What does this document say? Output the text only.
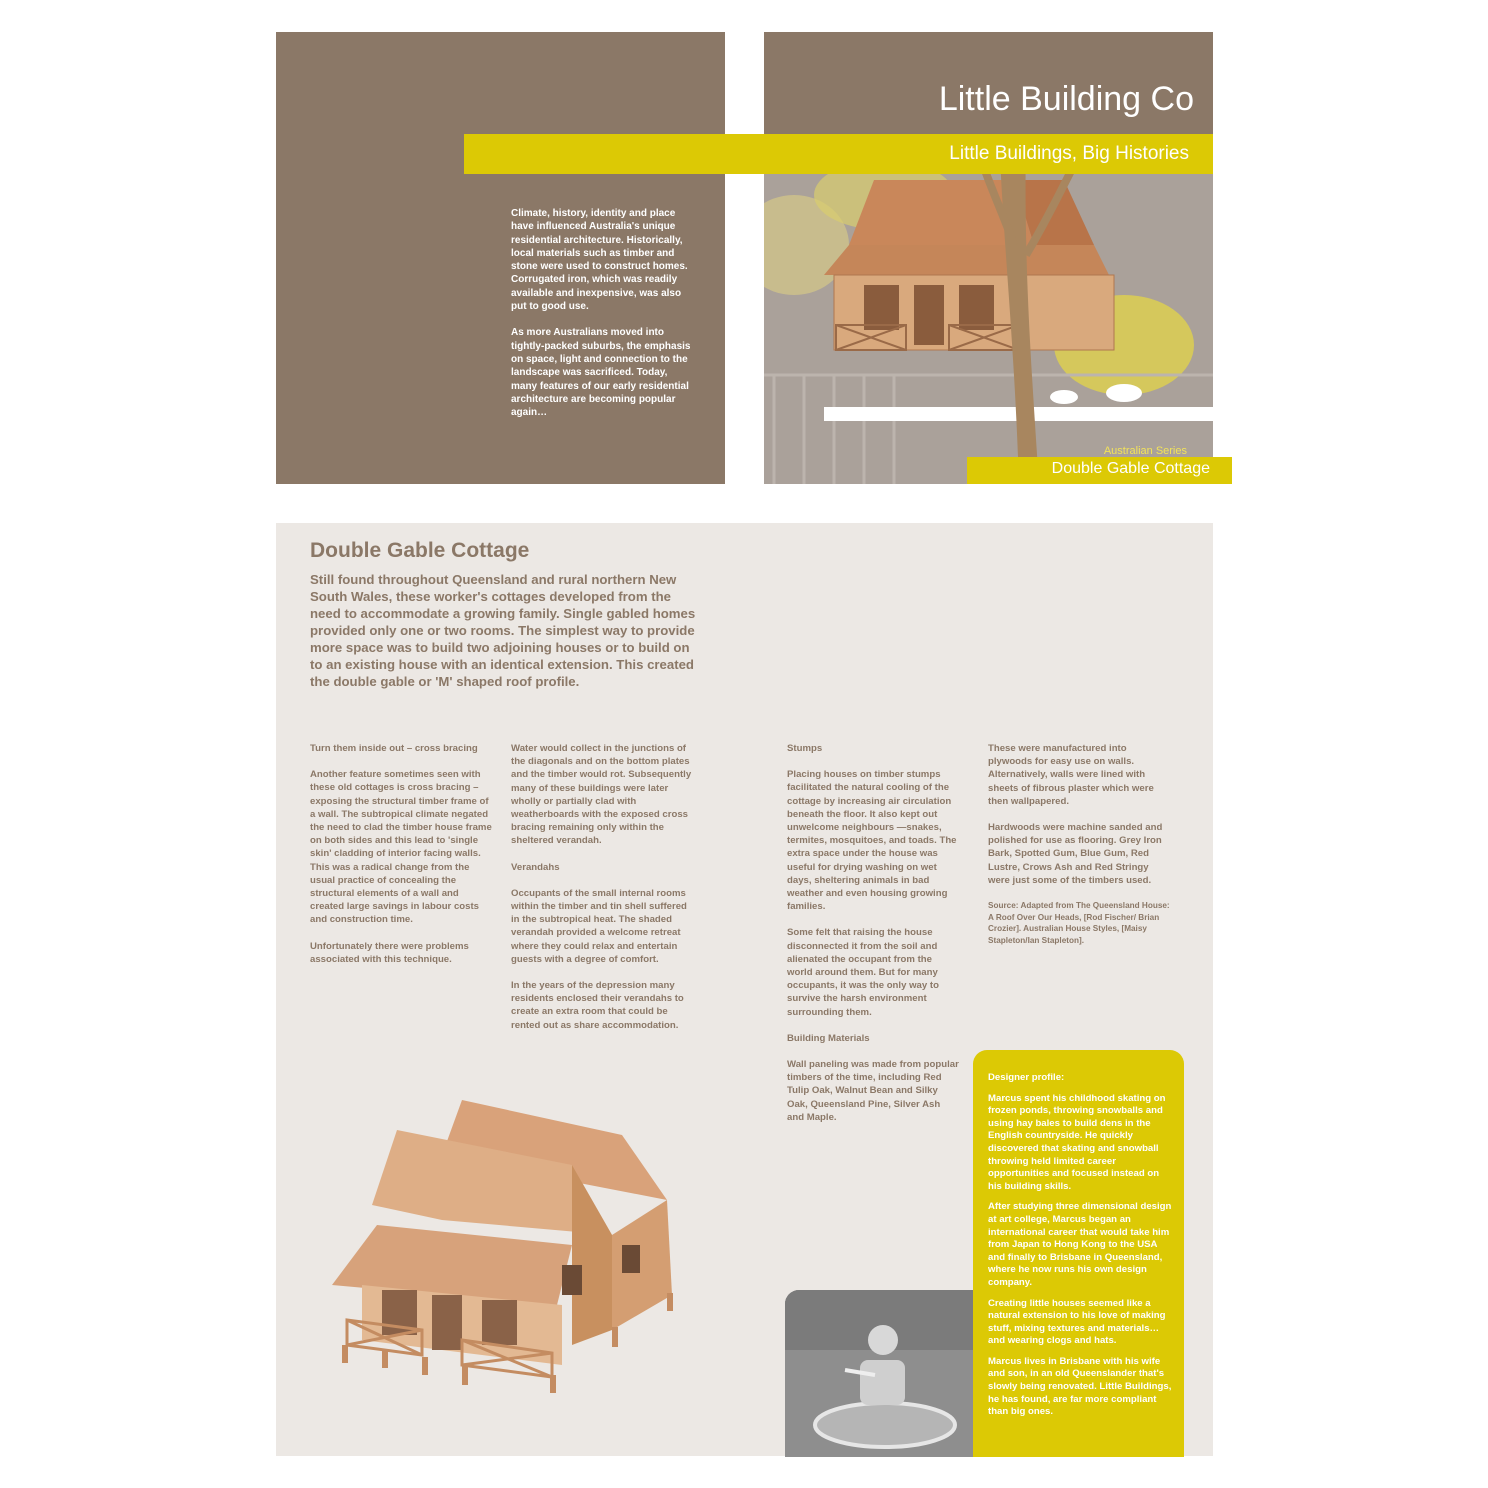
Climate, history, identity and place have influenced Australia's unique residential architecture. Historically, local materials such as timber and stone were used to construct homes. Corrugated iron, which was readily available and inexpensive, was also put to good use.

As more Australians moved into tightly-packed suburbs, the emphasis on space, light and connection to the landscape was sacrificed. Today, many features of our early residential architecture are becoming popular again…

Little Building Co
Little Buildings, Big Histories
Australian Series
Double Gable Cottage
Double Gable Cottage
Still found throughout Queensland and rural northern New South Wales, these worker's cottages developed from the need to accommodate a growing family. Single gabled homes provided only one or two rooms. The simplest way to provide more space was to build two adjoining houses or to build on to an existing house with an identical extension. This created the double gable or 'M' shaped roof profile.
Turn them inside out – cross bracing

Another feature sometimes seen with these old cottages is cross bracing – exposing the structural timber frame of a wall. The subtropical climate negated the need to clad the timber house frame on both sides and this lead to 'single skin' cladding of interior facing walls. This was a radical change from the usual practice of concealing the structural elements of a wall and created large savings in labour costs and construction time.

Unfortunately there were problems associated with this technique.

Water would collect in the junctions of the diagonals and on the bottom plates and the timber would rot. Subsequently many of these buildings were later wholly or partially clad with weatherboards with the exposed cross bracing remaining only within the sheltered verandah.

Verandahs

Occupants of the small internal rooms within the timber and tin shell suffered in the subtropical heat. The shaded verandah provided a welcome retreat where they could relax and entertain guests with a degree of comfort.

In the years of the depression many residents enclosed their verandahs to create an extra room that could be rented out as share accommodation.

Stumps

Placing houses on timber stumps facilitated the natural cooling of the cottage by increasing air circulation beneath the floor. It also kept out unwelcome neighbours —snakes, termites, mosquitoes, and toads. The extra space under the house was useful for drying washing on wet days, sheltering animals in bad weather and even housing growing families.

Some felt that raising the house disconnected it from the soil and alienated the occupant from the world around them. But for many occupants, it was the only way to survive the harsh environment surrounding them.

Building Materials

Wall paneling was made from popular timbers of the time, including Red Tulip Oak, Walnut Bean and Silky Oak, Queensland Pine, Silver Ash and Maple.

These were manufactured into plywoods for easy use on walls. Alternatively, walls were lined with sheets of fibrous plaster which were then wallpapered.

Hardwoods were machine sanded and polished for use as flooring. Grey Iron Bark, Spotted Gum, Blue Gum, Red Lustre, Crows Ash and Red Stringy were just some of the timbers used.

Source: Adapted from The Queensland House: A Roof Over Our Heads, [Rod Fischer/ Brian Crozier]. Australian House Styles, [Maisy Stapleton/Ian Stapleton].

Designer profile:

Marcus spent his childhood skating on frozen ponds, throwing snowballs and using hay bales to build dens in the English countryside. He quickly discovered that skating and snowball throwing held limited career opportunities and focused instead on his building skills.

After studying three dimensional design at art college, Marcus began an international career that would take him from Japan to Hong Kong to the USA and finally to Brisbane in Queensland, where he now runs his own design company.

Creating little houses seemed like a natural extension to his love of making stuff, mixing textures and materials…and wearing clogs and hats.

Marcus lives in Brisbane with his wife and son, in an old Queenslander that's slowly being renovated. Little Buildings, he has found, are far more compliant than big ones.
